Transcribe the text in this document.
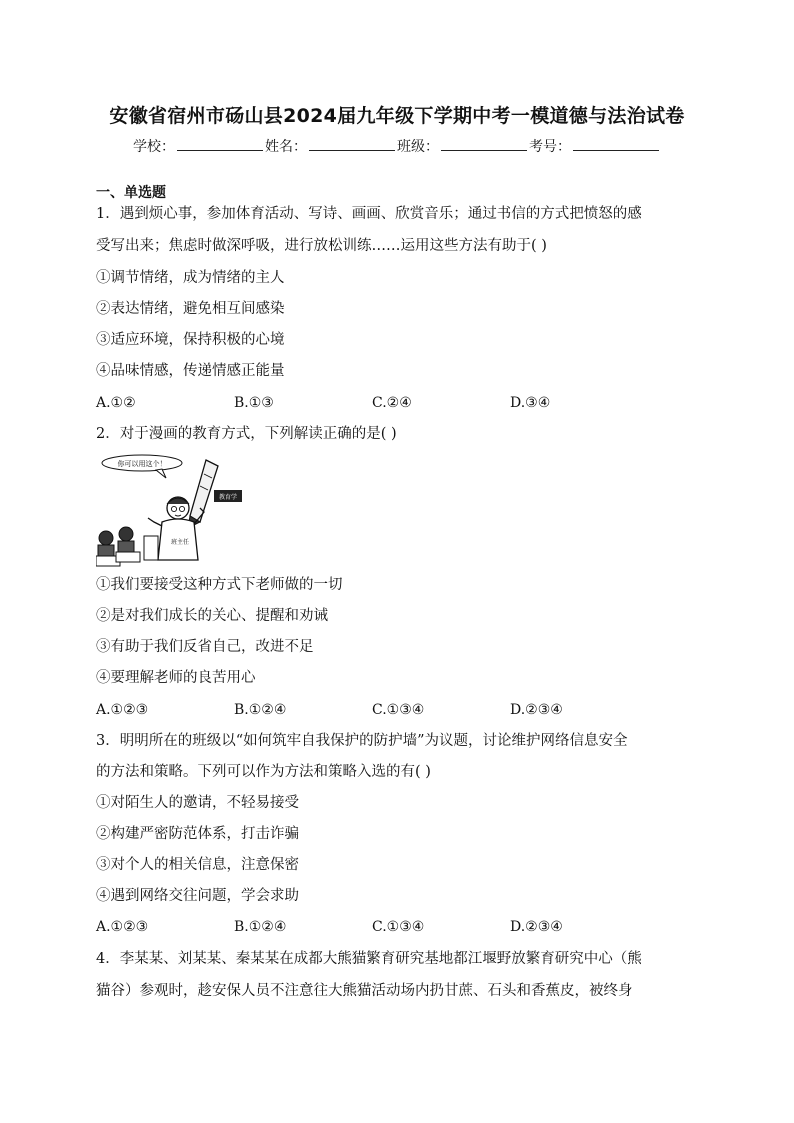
安徽省宿州市砀山县2024届九年级下学期中考一模道德与法治试卷
学校：	姓名：	班级：	考号：
一、单选题
1．遇到烦心事，参加体育活动、写诗、画画、欣赏音乐；通过书信的方式把愤怒的感
受写出来；焦虑时做深呼吸，进行放松训练……运用这些方法有助于( )
①调节情绪，成为情绪的主人
②表达情绪，避免相互间感染
③适应环境，保持积极的心境
④品味情感，传递情感正能量
A.①②	B.①③	C.②④	D.③④
2．对于漫画的教育方式，下列解读正确的是( )
你可以用这个！
教育学
班主任
①我们要接受这种方式下老师做的一切
②是对我们成长的关心、提醒和劝诫
③有助于我们反省自己，改进不足
④要理解老师的良苦用心
A.①②③	B.①②④	C.①③④	D.②③④
3．明明所在的班级以“如何筑牢自我保护的防护墙”为议题，讨论维护网络信息安全
的方法和策略。下列可以作为方法和策略入选的有( )
①对陌生人的邀请，不轻易接受
②构建严密防范体系，打击诈骗
③对个人的相关信息，注意保密
④遇到网络交往问题，学会求助
A.①②③	B.①②④	C.①③④	D.②③④
4．李某某、刘某某、秦某某在成都大熊猫繁育研究基地都江堰野放繁育研究中心（熊
猫谷）参观时，趁安保人员不注意往大熊猫活动场内扔甘蔗、石头和香蕉皮，被终身
